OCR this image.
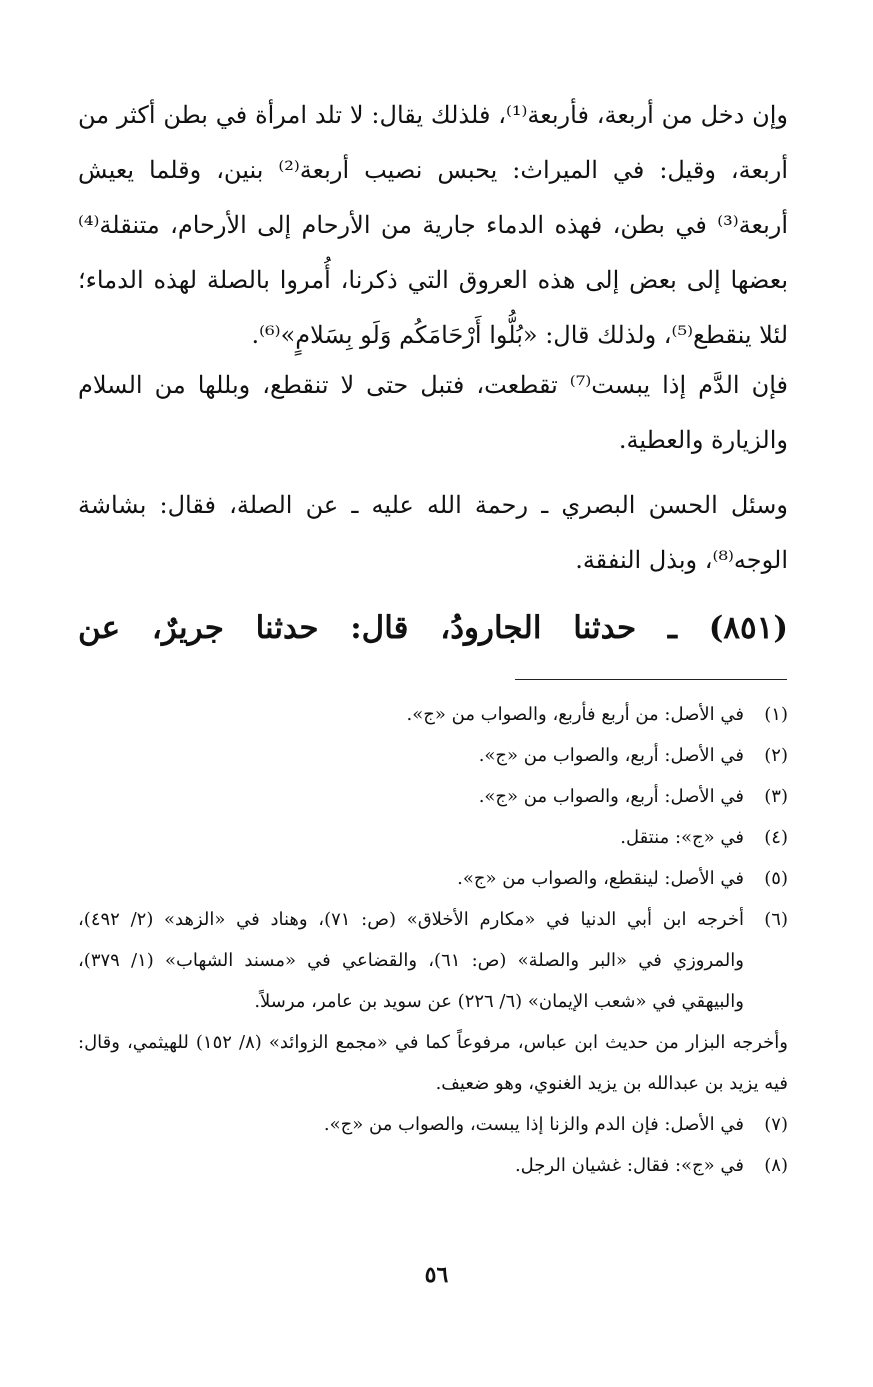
وإن دخل من أربعة، فأربعة⁽¹⁾، فلذلك يقال: لا تلد امرأة في بطن أكثر من أربعة، وقيل: في الميراث: يحبس نصيب أربعة⁽²⁾ بنين، وقلما يعيش أربعة⁽³⁾ في بطن، فهذه الدماء جارية من الأرحام إلى الأرحام، متنقلة⁽⁴⁾ بعضها إلى بعض إلى هذه العروق التي ذكرنا، أُمروا بالصلة لهذه الدماء؛ لئلا ينقطع⁽⁵⁾، ولذلك قال: «بُلُّوا أَرْحَامَكُم وَلَو بِسَلامٍ»⁽⁶⁾.
فإن الدَّم إذا يبست⁽⁷⁾ تقطعت، فتبل حتى لا تنقطع، وبللها من السلام والزيارة والعطية.
وسئل الحسن البصري ـ رحمة الله عليه ـ عن الصلة، فقال: بشاشة الوجه⁽⁸⁾، وبذل النفقة.
(٨٥١) ـ حدثنا الجارودُ، قال: حدثنا جريرٌ، عن
(١)
في الأصل: من أربع فأربع، والصواب من «ج».
(٢)
في الأصل: أربع، والصواب من «ج».
(٣)
في الأصل: أربع، والصواب من «ج».
(٤)
في «ج»: منتقل.
(٥)
في الأصل: لينقطع، والصواب من «ج».
(٦)
أخرجه ابن أبي الدنيا في «مكارم الأخلاق» (ص: ٧١)، وهناد في «الزهد» (٢/ ٤٩٢)، والمروزي في «البر والصلة» (ص: ٦١)، والقضاعي في «مسند الشهاب» (١/ ٣٧٩)، والبيهقي في «شعب الإيمان» (٦/ ٢٢٦) عن سويد بن عامر، مرسلاً.
وأخرجه البزار من حديث ابن عباس، مرفوعاً كما في «مجمع الزوائد» (٨/ ١٥٢) للهيثمي، وقال: فيه يزيد بن عبدالله بن يزيد الغنوي، وهو ضعيف.
(٧)
في الأصل: فإن الدم والزنا إذا يبست، والصواب من «ج».
(٨)
في «ج»: فقال: غشيان الرجل.
٥٦
